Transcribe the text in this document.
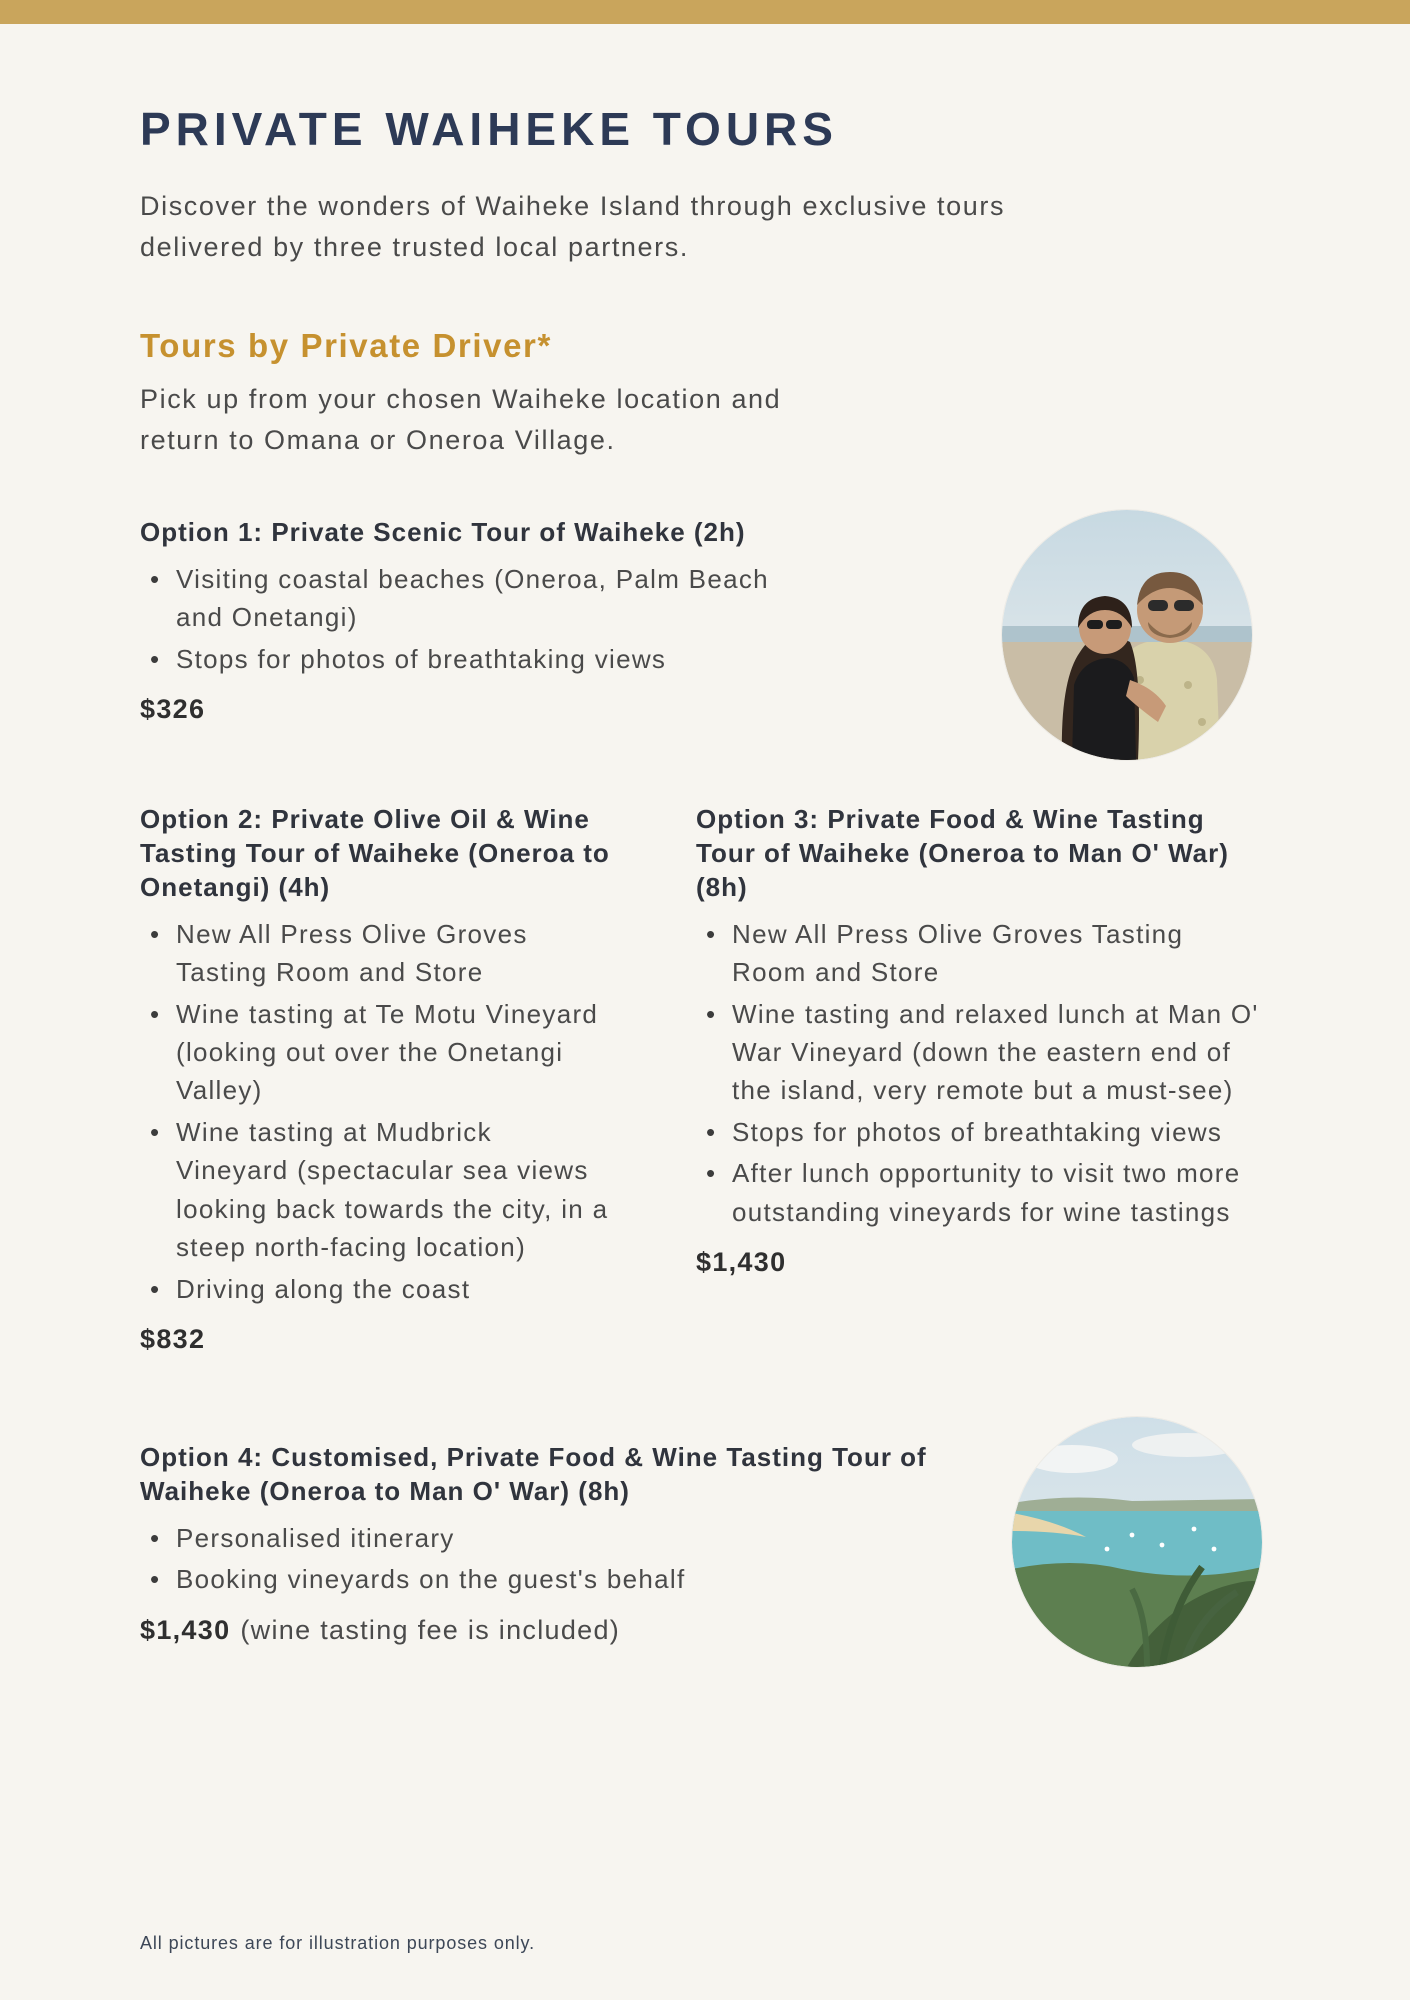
PRIVATE WAIHEKE TOURS

Discover the wonders of Waiheke Island through exclusive tours delivered by three trusted local partners.

Tours by Private Driver*

Pick up from your chosen Waiheke location and return to Omana or Oneroa Village.

Option 1: Private Scenic Tour of Waiheke (2h)
• Visiting coastal beaches (Oneroa, Palm Beach and Onetangi)
• Stops for photos of breathtaking views

$326

Option 2: Private Olive Oil & Wine Tasting Tour of Waiheke (Oneroa to Onetangi) (4h)
• New All Press Olive Groves Tasting Room and Store
• Wine tasting at Te Motu Vineyard (looking out over the Onetangi Valley)
• Wine tasting at Mudbrick Vineyard (spectacular sea views looking back towards the city, in a steep north-facing location)
• Driving along the coast

$832

Option 3: Private Food & Wine Tasting Tour of Waiheke (Oneroa to Man O' War) (8h)
• New All Press Olive Groves Tasting Room and Store
• Wine tasting and relaxed lunch at Man O' War Vineyard (down the eastern end of the island, very remote but a must-see)
• Stops for photos of breathtaking views
• After lunch opportunity to visit two more outstanding vineyards for wine tastings

$1,430

Option 4: Customised, Private Food & Wine Tasting Tour of Waiheke (Oneroa to Man O' War) (8h)
• Personalised itinerary
• Booking vineyards on the guest's behalf

$1,430 (wine tasting fee is included)

All pictures are for illustration purposes only.
